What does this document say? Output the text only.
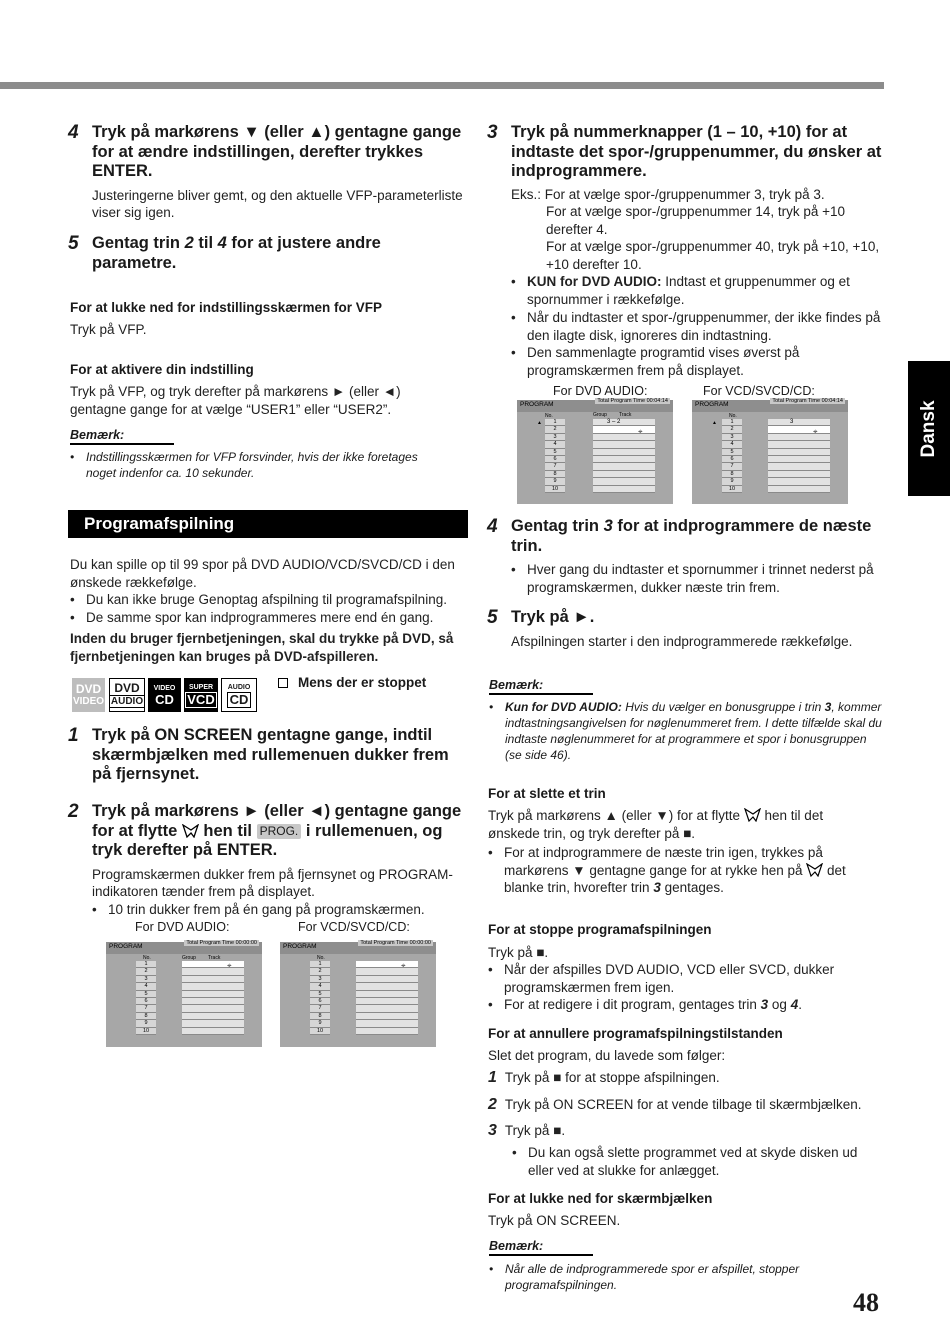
Dansk
48
4 Tryk på markørens ▼ (eller ▲) gentagne gange for at ændre indstillingen, derefter trykkes ENTER.
Justeringerne bliver gemt, og den aktuelle VFP-parameterliste viser sig igen.
5 Gentag trin 2 til 4 for at justere andre parametre.
For at lukke ned for indstillingsskærmen for VFP
Tryk på VFP.
For at aktivere din indstilling
Tryk på VFP, og tryk derefter på markørens ► (eller ◄) gentagne gange for at vælge “USER1” eller “USER2”.
Bemærk:
• Indstillingsskærmen for VFP forsvinder, hvis der ikke foretages noget indenfor ca. 10 sekunder.
Programafspilning
Du kan spille op til 99 spor på DVD AUDIO/VCD/SVCD/CD i den ønskede rækkefølge.
• Du kan ikke bruge Genoptag afspilning til programafspilning.
• De samme spor kan indprogrammeres mere end én gang.
Inden du bruger fjernbetjeningen, skal du trykke på DVD, så fjernbetjeningen kan bruges på DVD-afspilleren.
DVD
VIDEO
DVD
AUDIO
VIDEO
CD
SUPER
VCD
AUDIO
CD
Mens der er stoppet
1 Tryk på ON SCREEN gentagne gange, indtil skærmbjælken med rullemenuen dukker frem på fjernsynet.
2 Tryk på markørens ► (eller ◄) gentagne gange for at flytte  hen til PROG. i rullemenuen, og tryk derefter på ENTER.
Programskærmen dukker frem på fjernsynet og PROGRAM-indikatoren tænder frem på displayet.
• 10 trin dukker frem på én gang på programskærmen.
For DVD AUDIO:	For VCD/SVCD/CD:
PROGRAM	Total Program Time 00:00:00
No.	Group Track
1
2
3
4
5
6
7
8
9
10
⌖
PROGRAM	Total Program Time 00:00:00
No.
1
2
3
4
5
6
7
8
9
10
⌖
3 Tryk på nummerknapper (1 – 10, +10) for at indtaste det spor-/gruppenummer, du ønsker at indprogrammere.
Eks.: For at vælge spor-/gruppenummer 3, tryk på 3.
For at vælge spor-/gruppenummer 14, tryk på +10 derefter 4.
For at vælge spor-/gruppenummer 40, tryk på +10, +10, +10 derefter 10.
• KUN for DVD AUDIO: Indtast et gruppenummer og et spornummer i rækkefølge.
• Når du indtaster et spor-/gruppenummer, der ikke findes på den ilagte disk, ignoreres din indtastning.
• Den sammenlagte programtid vises øverst på programskærmen frem på displayet.
For DVD AUDIO:	For VCD/SVCD/CD:
PROGRAM	Total Program Time 00:04:14
No.	Group Track
▲	1
2
3
4
5
6
7
8
9
10
3 – 2
⌖
PROGRAM	Total Program Time 00:04:14
No.
▲	1
2
3
4
5
6
7
8
9
10
3
⌖
4 Gentag trin 3 for at indprogrammere de næste trin.
• Hver gang du indtaster et spornummer i trinnet nederst på programskærmen, dukker næste trin frem.
5 Tryk på ►.
Afspilningen starter i den indprogrammerede rækkefølge.
Bemærk:
• Kun for DVD AUDIO: Hvis du vælger en bonusgruppe i trin 3, kommer indtastningsangivelsen for nøglenummeret frem. I dette tilfælde skal du indtaste nøglenummeret for at programmere et spor i bonusgruppen (se side 46).
For at slette et trin
Tryk på markørens ▲ (eller ▼) for at flytte  hen til det ønskede trin, og tryk derefter på ■.
• For at indprogrammere de næste trin igen, trykkes på markørens ▼ gentagne gange for at rykke hen på  det blanke trin, hvorefter trin 3 gentages.
For at stoppe programafspilningen
Tryk på ■.
• Når der afspilles DVD AUDIO, VCD eller SVCD, dukker programskærmen frem igen.
• For at redigere i dit program, gentages trin 3 og 4.
For at annullere programafspilningstilstanden
Slet det program, du lavede som følger:
1 Tryk på ■ for at stoppe afspilningen.
2 Tryk på ON SCREEN for at vende tilbage til skærmbjælken.
3 Tryk på ■.
• Du kan også slette programmet ved at skyde disken ud eller ved at slukke for anlægget.
For at lukke ned for skærmbjælken
Tryk på ON SCREEN.
Bemærk:
• Når alle de indprogrammerede spor er afspillet, stopper programafspilningen.
